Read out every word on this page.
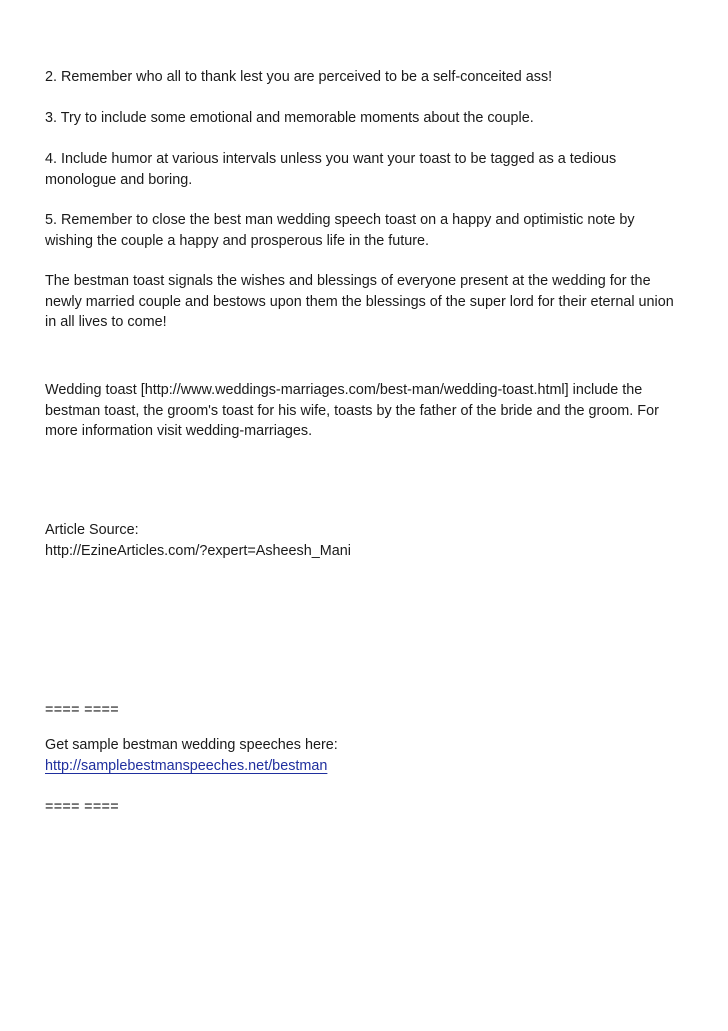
2. Remember who all to thank lest you are perceived to be a self-conceited ass!

3. Try to include some emotional and memorable moments about the couple.

4. Include humor at various intervals unless you want your toast to be tagged as a tedious monologue and boring.

5. Remember to close the best man wedding speech toast on a happy and optimistic note by wishing the couple a happy and prosperous life in the future.

The bestman toast signals the wishes and blessings of everyone present at the wedding for the newly married couple and bestows upon them the blessings of the super lord for their eternal union in all lives to come!

Wedding toast [http://www.weddings-marriages.com/best-man/wedding-toast.html] include the bestman toast, the groom's toast for his wife, toasts by the father of the bride and the groom. For more information visit wedding-marriages.

Article Source:
http://EzineArticles.com/?expert=Asheesh_Mani
==== ====
Get sample bestman wedding speeches here:
http://samplebestmanspeeches.net/bestman
==== ====
